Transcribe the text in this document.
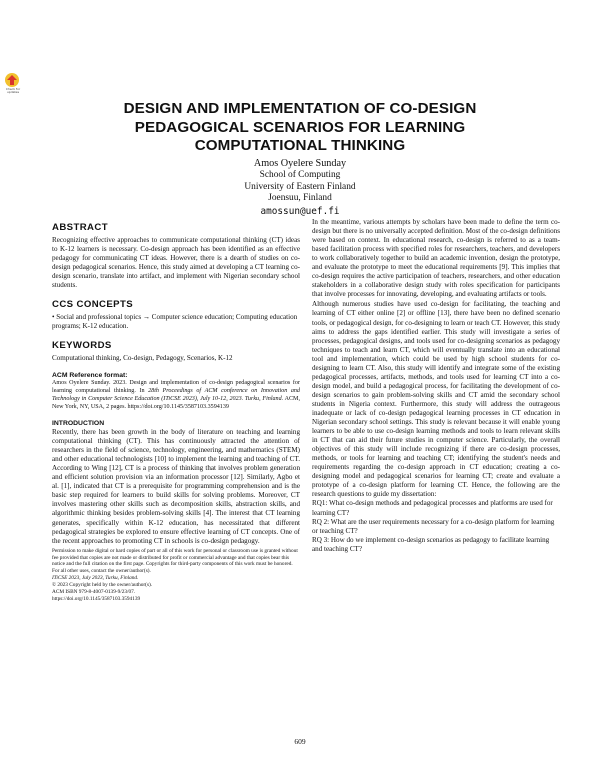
Check for updates
DESIGN AND IMPLEMENTATION OF CO-DESIGN
PEDAGOGICAL SCENARIOS FOR LEARNING
COMPUTATIONAL THINKING
Amos Oyelere Sunday
School of Computing
University of Eastern Finland
Joensuu, Finland
amossun@uef.fi
ABSTRACT

Recognizing effective approaches to communicate computational thinking (CT) ideas to K-12 learners is necessary. Co-design approach has been identified as an effective pedagogy for communicating CT ideas. However, there is a dearth of studies on co-design pedagogical scenarios. Hence, this study aimed at developing a CT learning co-design scenario, translate into artifact, and implement with Nigerian secondary school students.

CCS CONCEPTS

• Social and professional topics → Computer science education; Computing education programs; K-12 education.

KEYWORDS

Computational thinking, Co-design, Pedagogy, Scenarios, K-12

ACM Reference format:

Amos Oyelere Sunday. 2023. Design and implementation of co-design pedagogical scenarios for learning computational thinking. In 28th Proceedings of ACM conference on Innovation and Technology in Computer Science Education (ITiCSE 2023), July 10-12, 2023. Turku, Finland. ACM, New York, NY, USA, 2 pages. https://doi.org/10.1145/3587103.3594139

INTRODUCTION

Recently, there has been growth in the body of literature on teaching and learning computational thinking (CT). This has continuously attracted the attention of researchers in the field of science, technology, engineering, and mathematics (STEM) and other educational technologists [10] to implement the learning and teaching of CT. According to Wing [12], CT is a process of thinking that involves problem generation and efficient solution provision via an information processor [12]. Similarly, Agbo et al. [1], indicated that CT is a prerequisite for programming comprehension and is the basic step required for learners to build skills for solving problems. Moreover, CT involves mastering other skills such as decomposition skills, abstraction skills, and algorithmic thinking besides problem-solving skills [4]. The interest that CT learning generates, specifically within K-12 education, has necessitated that different pedagogical strategies be explored to ensure effective learning of CT concepts. One of the recent approaches to promoting CT in schools is co-design pedagogy.

Permission to make digital or hard copies of part or all of this work for personal or classroom use is granted without fee provided that copies are not made or distributed for profit or commercial advantage and that copies bear this notice and the full citation on the first page. Copyrights for third-party components of this work must be honored. For all other uses, contact the owner/author(s).

ITiCSE 2023, July 2023, Turku, Finland.

© 2023 Copyright held by the owner/author(s).

ACM ISBN 979-8-4007-0139-9/23/07.

https://doi.org/10.1145/3587103.3594139

In the meantime, various attempts by scholars have been made to define the term co-design but there is no universally accepted definition. Most of the co-design definitions were based on context. In educational research, co-design is referred to as a team-based facilitation process with specified roles for researchers, teachers, and developers to work collaboratively together to build an academic invention, design the prototype, and evaluate the prototype to meet the educational requirements [9]. This implies that co-design requires the active participation of teachers, researchers, and other education stakeholders in a collaborative design study with roles specification for participants that involve processes for innovating, developing, and evaluating artifacts or tools.

Although numerous studies have used co-design for facilitating, the teaching and learning of CT either online [2] or offline [13], there have been no defined scenario tools, or pedagogical design, for co-designing to learn or teach CT. However, this study aims to address the gaps identified earlier. This study will investigate a series of processes, pedagogical designs, and tools used for co-designing scenarios as pedagogy techniques to teach and learn CT, which will eventually translate into an educational tool and implementation, which could be used by high school students for co-designing to learn CT. Also, this study will identify and integrate some of the existing pedagogical processes, artifacts, methods, and tools used for learning CT into a co-design model, and build a pedagogical process, for facilitating the development of co-design scenarios to gain problem-solving skills and CT amid the secondary school students in Nigeria context. Furthermore, this study will address the outrageous inadequate or lack of co-design pedagogical learning processes in CT education in Nigerian secondary school settings. This study is relevant because it will enable young learners to be able to use co-design learning methods and tools to learn relevant skills in CT that can aid their future studies in computer science. Particularly, the overall objectives of this study will include recognizing if there are co-design processes, methods, or tools for learning and teaching CT; identifying the student's needs and requirements regarding the co-design approach in CT education; creating a co-designing model and pedagogical scenarios for learning CT; create and evaluate a prototype of a co-design platform for learning CT. Hence, the following are the research questions to guide my dissertation:

RQ1: What co-design methods and pedagogical processes and platforms are used for learning CT?

RQ 2: What are the user requirements necessary for a co-design platform for learning or teaching CT?

RQ 3: How do we implement co-design scenarios as pedagogy to facilitate learning and teaching CT?

609
